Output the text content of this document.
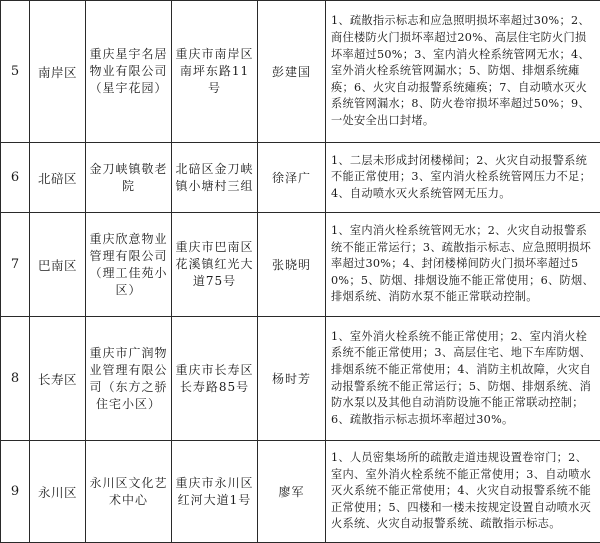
5	南岸区	重庆星宇名居物业有限公司（星宇花园）	重庆市南岸区南坪东路11号	彭建国	1、疏散指示标志和应急照明损坏率超过30%；2、商住楼防火门损坏率超过20%、高层住宅防火门损坏率超过50%；3、室内消火栓系统管网无水；4、室外消火栓系统管网漏水；5、防烟、排烟系统瘫痪；6、火灾自动报警系统瘫痪；7、自动喷水灭火系统管网漏水；8、防火卷帘损坏率超过50%；9、一处安全出口封堵。
6	北碚区	金刀峡镇敬老院	北碚区金刀峡镇小塘村三组	徐泽广	1、二层未形成封闭楼梯间；2、火灾自动报警系统不能正常使用；3、室内消火栓系统管网压力不足；4、自动喷水灭火系统管网无压力。
7	巴南区	重庆欣意物业管理有限公司（理工佳苑小区）	重庆市巴南区花溪镇红光大道75号	张晓明	1、室内消火栓系统管网无水；2、火灾自动报警系统不能正常运行；3、疏散指示标志、应急照明损坏率超过30%；4、封闭楼梯间防火门损坏率超过50%；5、防烟、排烟设施不能正常使用；6、防烟、排烟系统、消防水泵不能正常联动控制。
8	长寿区	重庆市广润物业管理有限公司（东方之骄住宅小区）	重庆市长寿区长寿路85号	杨时芳	1、室外消火栓系统不能正常使用；2、室内消火栓系统不能正常使用；3、高层住宅、地下车库防烟、排烟系统不能正常使用；4、消防主机故障，火灾自动报警系统不能正常运行；5、防烟、排烟系统、消防水泵以及其他自动消防设施不能正常联动控制；6、疏散指示标志损坏率超过30%。
9	永川区	永川区文化艺术中心	重庆市永川区红河大道1号	廖军	1、人员密集场所的疏散走道违规设置卷帘门；2、室内、室外消火栓系统不能正常使用；3、自动喷水灭火系统不能正常使用；4、火灾自动报警系统不能正常使用；5、四楼和一楼未按规定设置自动喷水灭火系统、火灾自动报警系统、疏散指示标志。
